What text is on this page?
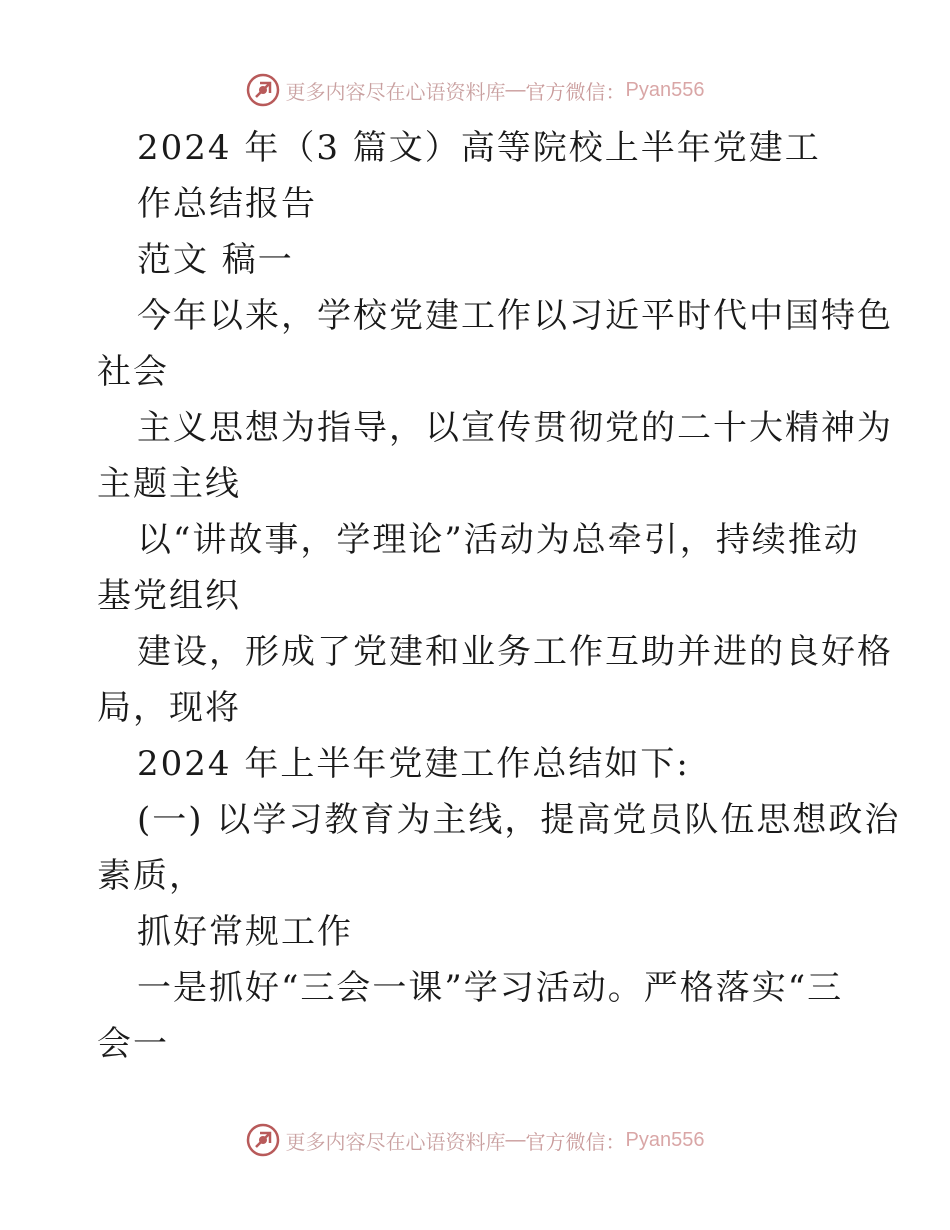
更多内容尽在心语资料库 — 官方微信： Pyan556
2024 年（3 篇文）高等院校上半年党建工
作总结报告
范文 稿一
今年以来，学校党建工作以习近平时代中国特色
社会
主义思想为指导，以宣传贯彻党的二十大精神为
主题主线
以“讲故事，学理论”活动为总牵引，持续推动
基党组织
建设，形成了党建和业务工作互助并进的良好格
局，现将
2024 年上半年党建工作总结如下:
(一) 以学习教育为主线，提高党员队伍思想政治
素质，
抓好常规工作
一是抓好“三会一课”学习活动。严格落实“三
会一
更多内容尽在心语资料库 — 官方微信： Pyan556
